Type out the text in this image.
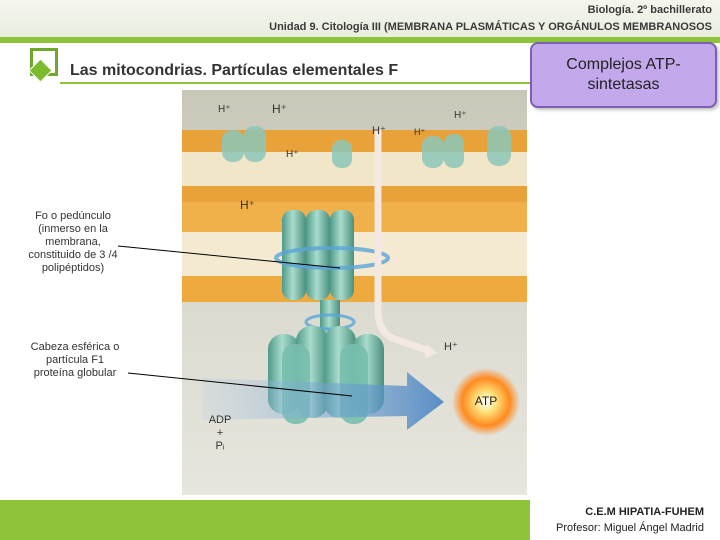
Biología. 2º bachillerato
Unidad 9. Citología III (MEMBRANA PLASMÁTICAS Y ORGÁNULOS MEMBRANOSOS
Las mitocondrias. Partículas elementales F	Complejos ATP-sintetasas
H⁺	H⁺	H⁺
H⁺	H⁺
H⁺
H⁺
H⁺
Fo o pedúnculo (inmerso en la membrana, constituido de 3 /4 polipéptidos)
Cabeza esférica o partícula F1 proteína globular
ADP
+
Pᵢ
ATP
C.E.M HIPATIA-FUHEM
Profesor: Miguel Ángel Madrid
